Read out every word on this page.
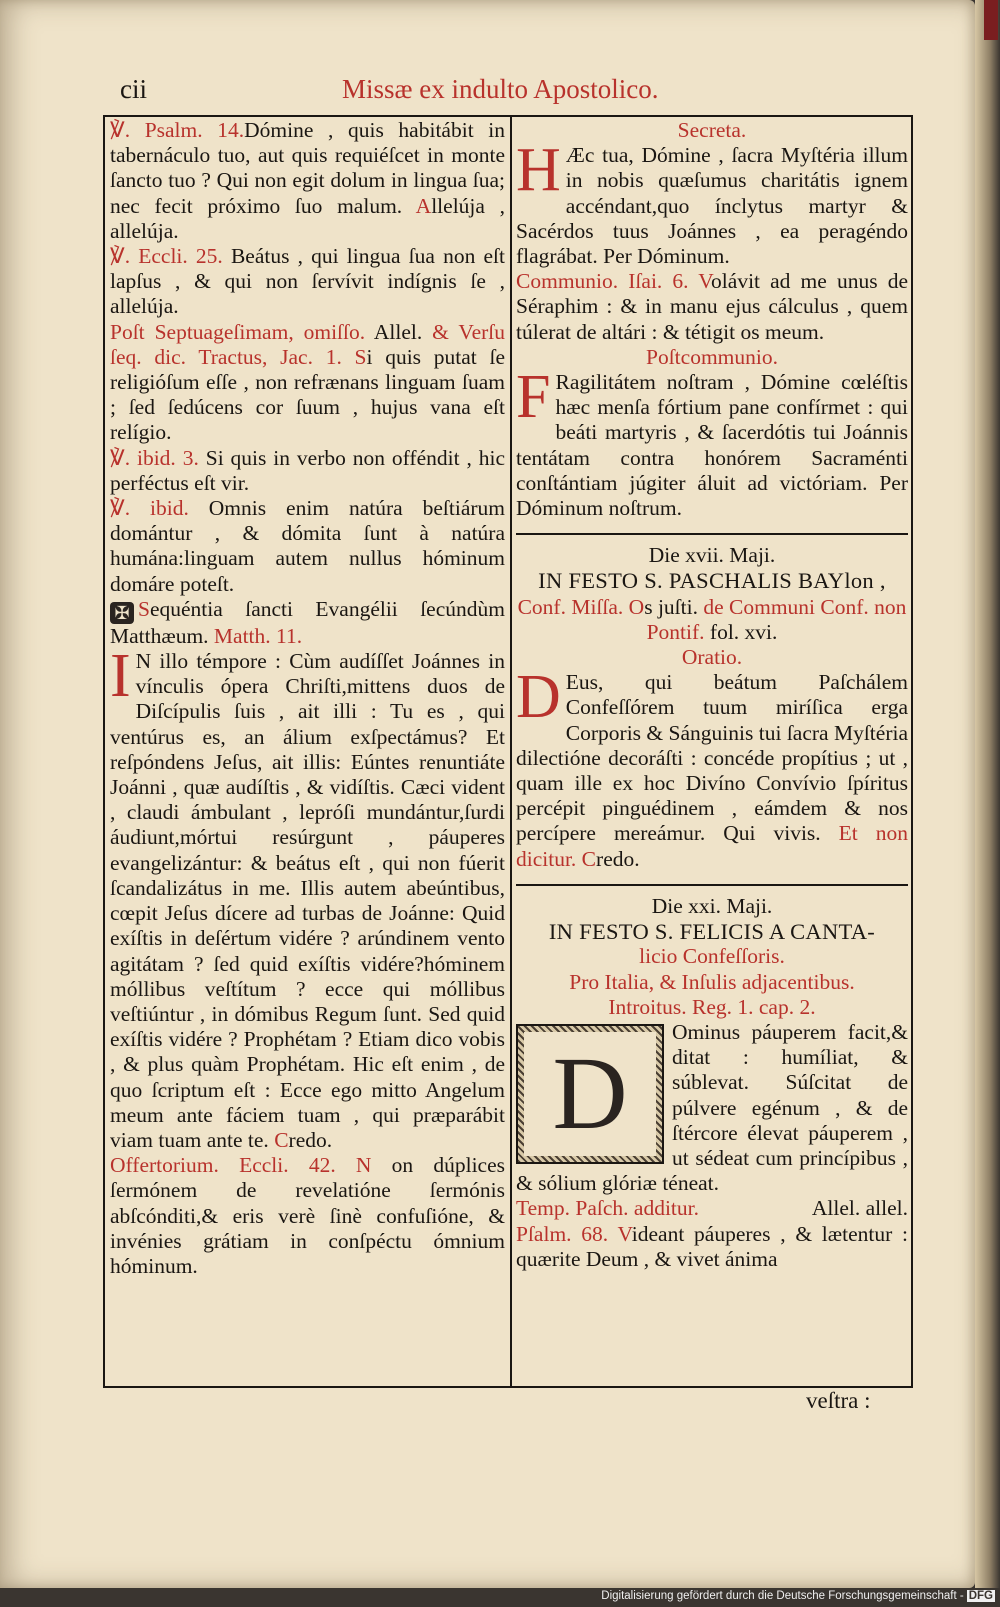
cii	Missæ ex indulto Apostolico.

℣. Psalm. 14.Dómine , quis habitábit in tabernáculo tuo, aut quis requiéſcet in monte ſancto tuo ? Qui non egit dolum in lingua ſua; nec fecit próximo ſuo malum. Allelúja , allelúja.

℣. Eccli. 25. Beátus , qui lingua ſua non eſt lapſus , & qui non ſervívit indígnis ſe , allelúja.

Poſt Septuageſimam, omiſſo. Allel. & Verſu ſeq. dic. Tractus, Jac. 1. Si quis putat ſe religióſum eſſe , non refrænans linguam ſuam ; ſed ſedúcens cor ſuum , hujus vana eſt relígio.

℣. ibid. 3. Si quis in verbo non offéndit , hic perféctus eſt vir.

℣. ibid. Omnis enim natúra beſtiárum domántur , & dómita ſunt à natúra humána:linguam autem nullus hóminum domáre poteſt.

✠ Sequéntia ſancti Evangélii ſecúndùm Matthæum. Matth. 11.

I N illo témpore : Cùm audíſſet Joánnes in vínculis ópera Chriſti,mittens duos de Diſcípulis ſuis , ait illi : Tu es , qui ventúrus es, an álium exſpectámus? Et reſpóndens Jeſus, ait illis: Eúntes renuntiáte Joánni , quæ audíſtis , & vidíſtis. Cæci vident , claudi ámbulant , lepróſi mundántur,ſurdi áudiunt,mórtui resúrgunt , páuperes evangelizántur: & beátus eſt , qui non fúerit ſcandalizátus in me. Illis autem abeúntibus, cœpit Jeſus dícere ad turbas de Joánne: Quid exíſtis in deſértum vidére ? arúndinem vento agitátam ? ſed quid exíſtis vidére?hóminem móllibus veſtítum ? ecce qui móllibus veſtiúntur , in dómibus Regum ſunt. Sed quid exíſtis vidére ? Prophétam ? Etiam dico vobis , & plus quàm Prophétam. Hic eſt enim , de quo ſcriptum eſt : Ecce ego mitto Angelum meum ante fáciem tuam , qui præparábit viam tuam ante te. Credo.

Offertorium. Eccli. 42. N on dúplices ſermónem de revelatióne ſermónis abſcónditi,& eris verè ſinè confuſióne, & invénies grátiam in conſpéctu ómnium hóminum.

Secreta.

H Æc tua, Dómine , ſacra Myſtéria illum in nobis quæſumus charitátis ignem accéndant,quo ínclytus martyr & Sacérdos tuus Joánnes , ea peragéndo flagrábat. Per Dóminum.

Communio. Iſai. 6. Volávit ad me unus de Séraphim : & in manu ejus cálculus , quem túlerat de altári : & tétigit os meum.

Poſtcommunio.

F Ragilitátem noſtram , Dómine cœléſtis hæc menſa fórtium pane confírmet : qui beáti martyris , & ſacerdótis tui Joánnis tentátam contra honórem Sacraménti conſtántiam júgiter áluit ad victóriam. Per Dóminum noſtrum.

Die xvii. Maji.

IN FESTO S. PASCHALIS BAYlon , Conf. Miſſa. Os juſti. de Communi Conf. non Pontif. fol. xvi.

Oratio.

D Eus, qui beátum Paſchálem Confeſſórem tuum miríſica erga Corporis & Sánguinis tui ſacra Myſtéria dilectióne decoráſti : concéde propítius ; ut , quam ille ex hoc Divíno Convívio ſpíritus percépit pinguédinem , eámdem & nos percípere mereámur. Qui vivis. Et non dicitur. Credo.

Die xxi. Maji.

IN FESTO S. FELICIS A CANTA-

licio Confeſſoris.

Pro Italia, & Inſulis adjacentibus.

Introitus. Reg. 1. cap. 2.

D
Ominus páuperem facit,& ditat : humíliat, & súblevat. Súſcitat de púlvere egénum , & de ſtércore élevat páuperem , ut sédeat cum princípibus , & sólium glóriæ téneat.

Temp. Paſch. additur.	Allel. allel.

Pſalm. 68. Videant páuperes , & lætentur : quærite Deum , & vivet ánima

veſtra :
Digitalisierung gefördert durch die Deutsche Forschungsgemeinschaft - DFG
